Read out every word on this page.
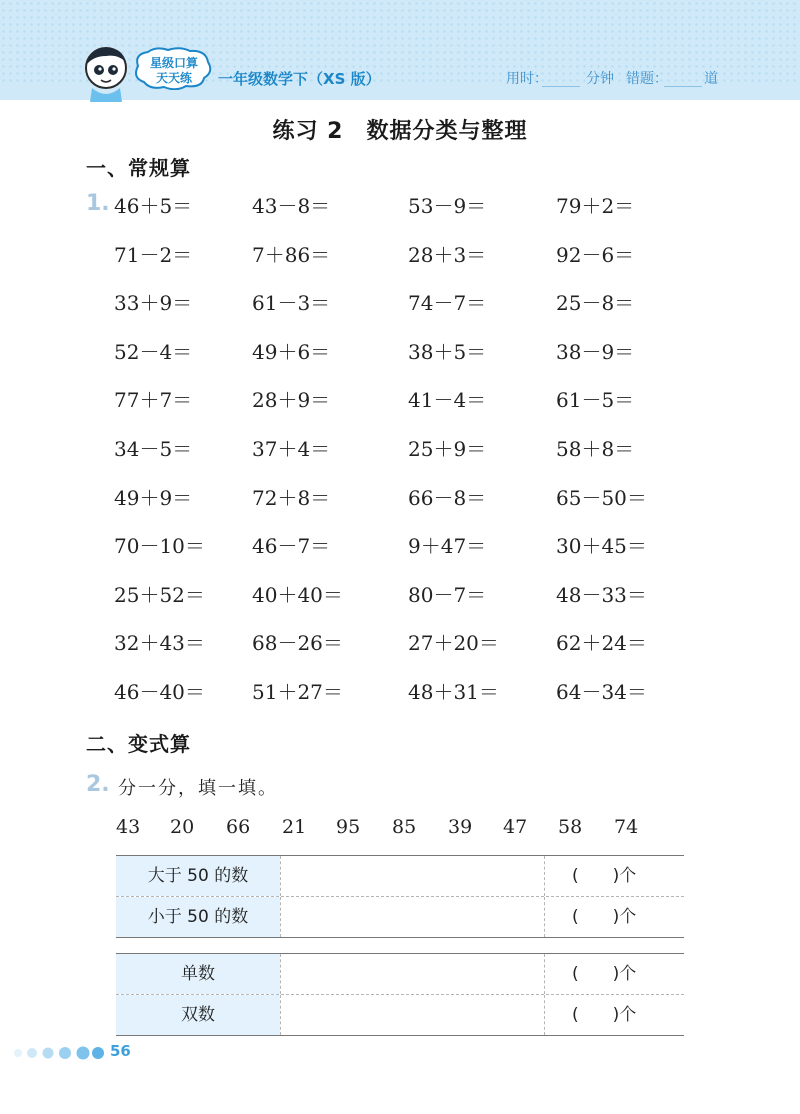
星级口算
天天练	一年级数学下（XS 版）	用时：	分钟 错题：	道
练习 2　数据分类与整理
一、常规算
1. 46＋5＝	43－8＝	53－9＝	79＋2＝
71－2＝	7＋86＝	28＋3＝	92－6＝
33＋9＝	61－3＝	74－7＝	25－8＝
52－4＝	49＋6＝	38＋5＝	38－9＝
77＋7＝	28＋9＝	41－4＝	61－5＝
34－5＝	37＋4＝	25＋9＝	58＋8＝
49＋9＝	72＋8＝	66－8＝	65－50＝
70－10＝ 46－7＝	9＋47＝	30＋45＝
25＋52＝ 40＋40＝	80－7＝	48－33＝
32＋43＝ 68－26＝	27＋20＝	62＋24＝
46－40＝ 51＋27＝	48＋31＝	64－34＝
二、变式算
2. 分一分，填一填。
43 20 66 21 95 85 39 47 58 74
大于 50 的数	(　　)个
小于 50 的数	(　　)个
单数	(　　)个
双数	(　　)个
56
